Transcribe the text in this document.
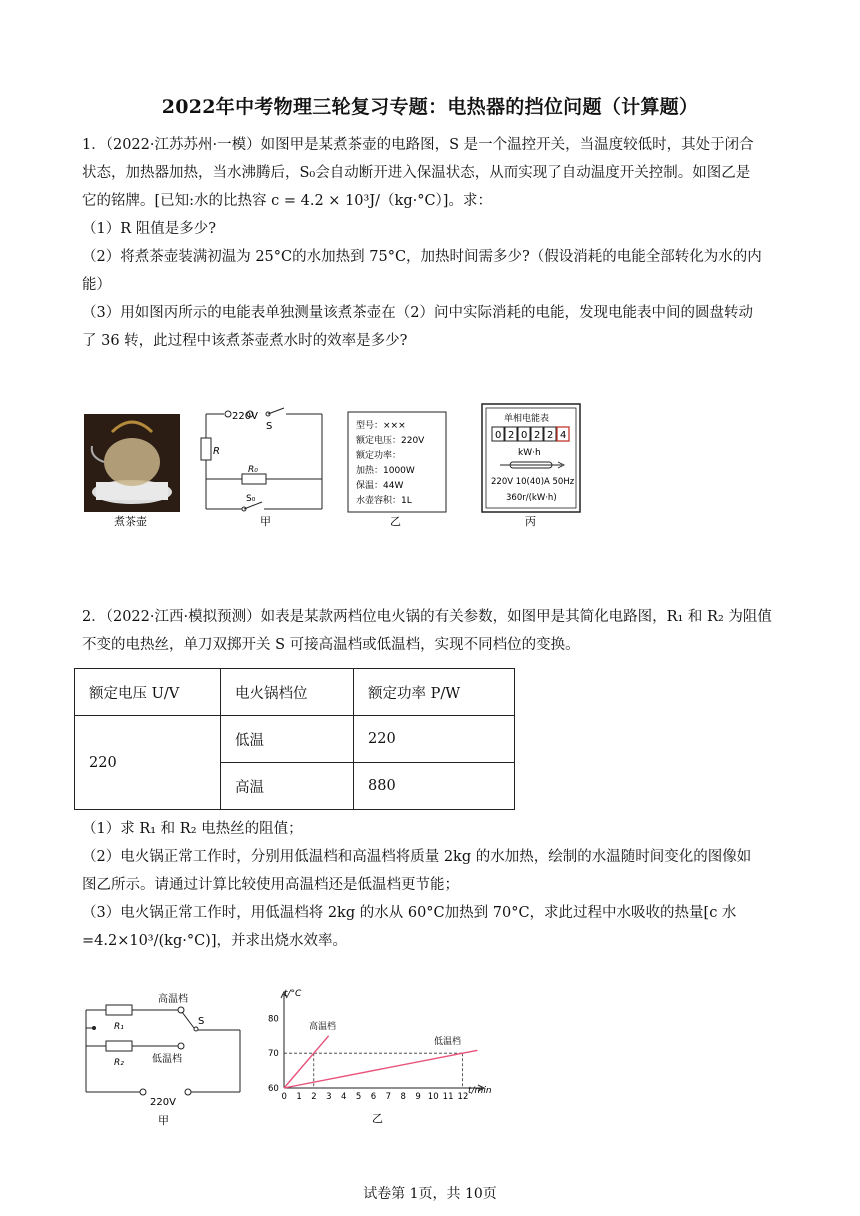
2022年中考物理三轮复习专题：电热器的挡位问题（计算题）
1．（2022·江苏苏州·一模）如图甲是某煮茶壶的电路图，S 是一个温控开关，当温度较低时，其处于闭合
状态，加热器加热，当水沸腾后，S₀会自动断开进入保温状态，从而实现了自动温度开关控制。如图乙是
它的铭牌。[已知:水的比热容 c = 4.2 × 10³J/（kg·°C）]。求：
（1）R 阻值是多少?
（2）将煮茶壶装满初温为 25°C的水加热到 75°C，加热时间需多少?（假设消耗的电能全部转化为水的内
能）
（3）用如图丙所示的电能表单独测量该煮茶壶在（2）问中实际消耗的电能，发现电能表中间的圆盘转动
了 36 转，此过程中该煮茶壶煮水时的效率是多少?
煮茶壶
220V
S
R
R₀
S₀
甲
型号：×××
额定电压：220V
额定功率：
加热：1000W
保温：44W
水壶容积：1L
乙
单相电能表
0 2 0 2 2 4
kW·h
220V 10(40)A 50Hz
360r/(kW·h)
丙
2．（2022·江西·模拟预测）如表是某款两档位电火锅的有关参数，如图甲是其简化电路图，R₁ 和 R₂ 为阻值
不变的电热丝，单刀双掷开关 S 可接高温档或低温档，实现不同档位的变换。
额定电压 U/V	电火锅档位	额定功率 P/W
220	低温	220
	高温	880
（1）求 R₁ 和 R₂ 电热丝的阻值；
（2）电火锅正常工作时，分别用低温档和高温档将质量 2kg 的水加热，绘制的水温随时间变化的图像如
图乙所示。请通过计算比较使用高温档还是低温档更节能；
（3）电火锅正常工作时，用低温档将 2kg 的水从 60°C加热到 70°C，求此过程中水吸收的热量[c 水
=4.2×10³/(kg·°C)]，并求出烧水效率。
高温档
S
R₁
低温档
R₂
220V
甲
0 1 2 3 4 5 6 7 8 9 10 11 12
60
70
80
t/°C
t/min
高温档
低温档
乙
试卷第 1页，共 10页
